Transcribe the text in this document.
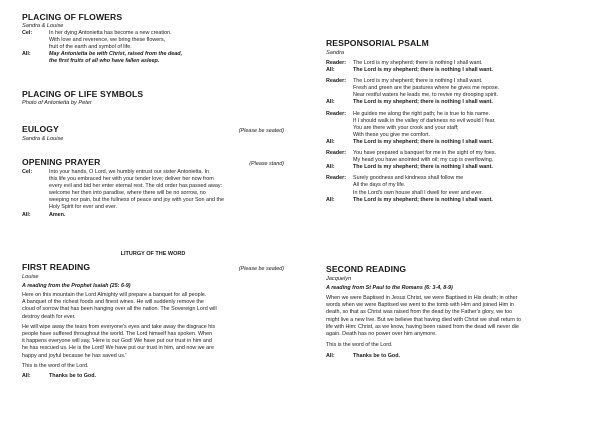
PLACING OF FLOWERS
Sandra & Louise
Cel:	In her dying Antonietta has become a new creation.
With love and reverence, we bring these flowers,
fruit of the earth and symbol of life.
All:	May Antonietta be with Christ, raised from the dead,
the first fruits of all who have fallen asleep.
PLACING OF LIFE SYMBOLS
Photo of Antonietta by Peter
EULOGY	(Please be seated)
Sandra & Louise
OPENING PRAYER	(Please stand)
Cel:	Into your hands, O Lord, we humbly entrust our sister Antonietta. In
this life you embraced her with your tender love; deliver her now from
every evil and bid her enter eternal rest. The old order has passed away:
welcome her then into paradise, where there will be no sorrow, no
weeping nor pain, but the fullness of peace and joy with your Son and the
Holy Spirit for ever and ever.
All:	Amen.
LITURGY OF THE WORD
FIRST READING	(Please be seated)
Louise
A reading from the Prophet Isaiah (25: 6-9)
Here on this mountain the Lord Almighty will prepare a banquet for all people.
A banquet of the richest foods and finest wines. He will suddenly remove the
cloud of sorrow that has been hanging over all the nation. The Sovereign Lord will
destroy death for ever.
He will wipe away the tears from everyone's eyes and take away the disgrace his
people have suffered throughout the world. The Lord himself has spoken. When
it happens everyone will say, 'Here is our God! We have put our trust in him and
he has rescued us. He is the Lord! We have put our trust in him, and now we are
happy and joyful because he has saved us.'
This is the word of the Lord.
All:	Thanks be to God.
RESPONSORIAL PSALM
Sandra
Reader:	The Lord is my shepherd; there is nothing I shall want.
All:	The Lord is my shepherd; there is nothing I shall want.
Reader:	The Lord is my shepherd; there is nothing I shall want.
Fresh and green are the pastures where he gives me repose.
Near restful waters he leads me, to revive my drooping spirit.
All:	The Lord is my shepherd; there is nothing I shall want.
Reader:	He guides me along the right path; he is true to his name.
If I should walk in the valley of darkness no evil would I fear.
You are there with your crook and your staff;
With these you give me comfort.
All:	The Lord is my shepherd; there is nothing I shall want.
Reader:	You have prepared a banquet for me in the sight of my foes.
My head you have anointed with oil; my cup is overflowing.
All:	The Lord is my shepherd; there is nothing I shall want.
Reader:	Surely goodness and kindness shall follow me
All the days of my life.
In the Lord's own house shall I dwell for ever and ever.
All:	The Lord is my shepherd; there is nothing I shall want.
SECOND READING
Jacquelyn
A reading from St Paul to the Romans (6: 3-4, 8-9)
When we were Baptised in Jesus Christ, we were Baptised in His death; in other
words when we were Baptised we went to the tomb with Him and joined Him in
death, so that as Christ was raised from the dead by the Father's glory, we too
might live a new live. But we believe that having died with Christ we shall return to
life with Him: Christ, as we know, having been raised from the dead will never die
again. Death has no power over him anymore.
This is the word of the Lord.
All:	Thanks be to God.
